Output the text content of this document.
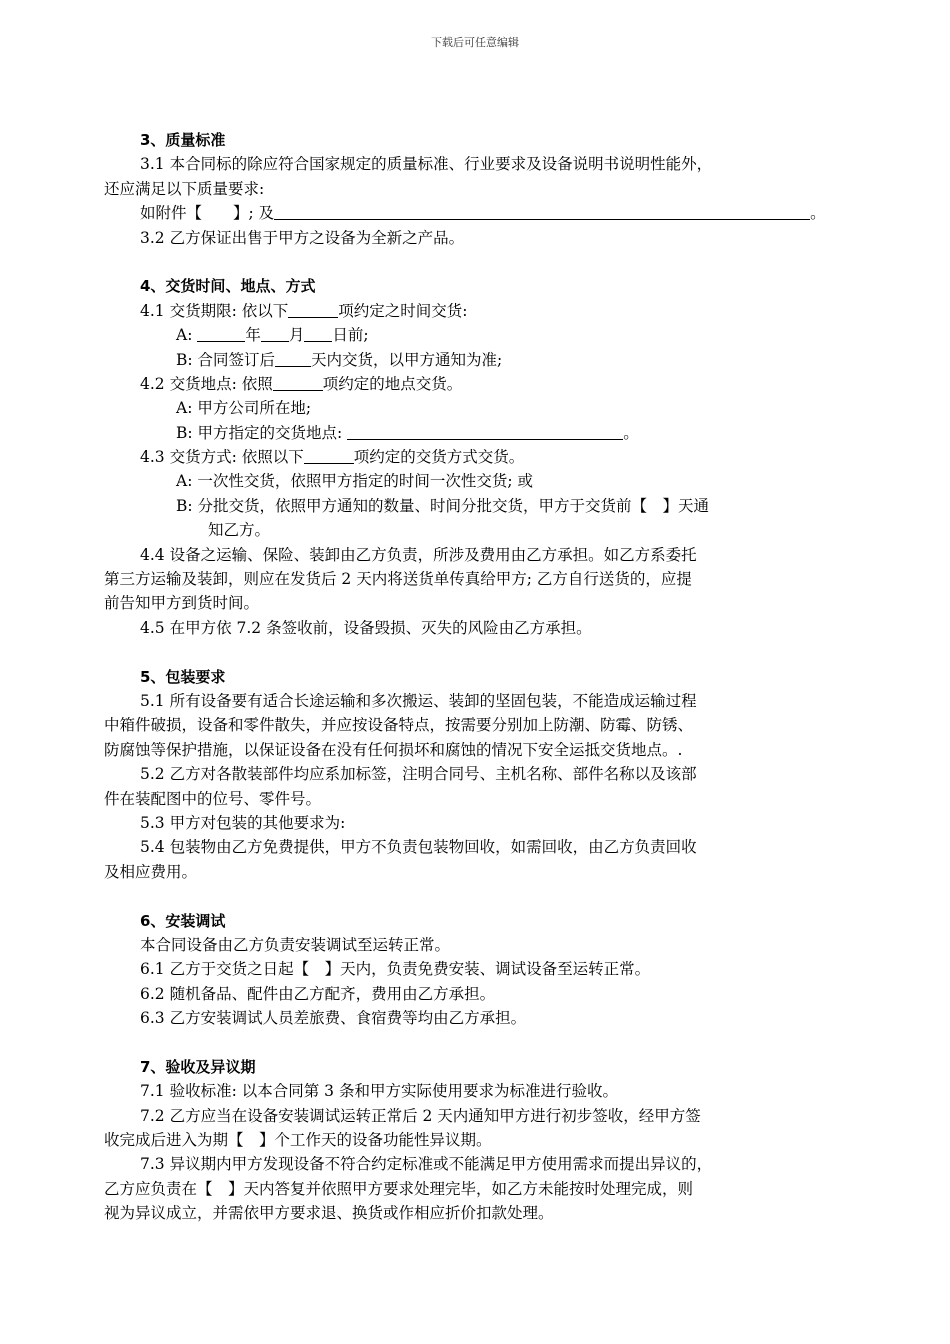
下载后可任意编辑
3、质量标准
3.1 本合同标的除应符合国家规定的质量标准、行业要求及设备说明书说明性能外，
还应满足以下质量要求:
如附件【　　】; 及	。
3.2 乙方保证出售于甲方之设备为全新之产品。
4、交货时间、地点、方式
4.1 交货期限: 依以下	项约定之时间交货:
A:	年 月 日前;
B: 合同签订后 天内交货，以甲方通知为准;
4.2 交货地点: 依照	项约定的地点交货。
A: 甲方公司所在地;
B: 甲方指定的交货地点:	。
4.3 交货方式: 依照以下	项约定的交货方式交货。
A: 一次性交货，依照甲方指定的时间一次性交货; 或
B: 分批交货，依照甲方通知的数量、时间分批交货，甲方于交货前【　】天通
知乙方。
4.4 设备之运输、保险、装卸由乙方负责，所涉及费用由乙方承担。如乙方系委托
第三方运输及装卸，则应在发货后 2 天内将送货单传真给甲方; 乙方自行送货的，应提
前告知甲方到货时间。
4.5 在甲方依 7.2 条签收前，设备毁损、灭失的风险由乙方承担。
5、包装要求
5.1 所有设备要有适合长途运输和多次搬运、装卸的坚固包装，不能造成运输过程
中箱件破损，设备和零件散失，并应按设备特点，按需要分别加上防潮、防霉、防锈、
防腐蚀等保护措施，以保证设备在没有任何损坏和腐蚀的情况下安全运抵交货地点。.
5.2 乙方对各散装部件均应系加标签，注明合同号、主机名称、部件名称以及该部
件在装配图中的位号、零件号。
5.3 甲方对包装的其他要求为:
5.4 包装物由乙方免费提供，甲方不负责包装物回收，如需回收，由乙方负责回收
及相应费用。
6、安装调试
本合同设备由乙方负责安装调试至运转正常。
6.1 乙方于交货之日起【　】天内，负责免费安装、调试设备至运转正常。
6.2 随机备品、配件由乙方配齐，费用由乙方承担。
6.3 乙方安装调试人员差旅费、食宿费等均由乙方承担。
7、验收及异议期
7.1 验收标准: 以本合同第 3 条和甲方实际使用要求为标准进行验收。
7.2 乙方应当在设备安装调试运转正常后 2 天内通知甲方进行初步签收，经甲方签
收完成后进入为期【　】个工作天的设备功能性异议期。
7.3 异议期内甲方发现设备不符合约定标准或不能满足甲方使用需求而提出异议的，
乙方应负责在【　】天内答复并依照甲方要求处理完毕，如乙方未能按时处理完成，则
视为异议成立，并需依甲方要求退、换货或作相应折价扣款处理。
